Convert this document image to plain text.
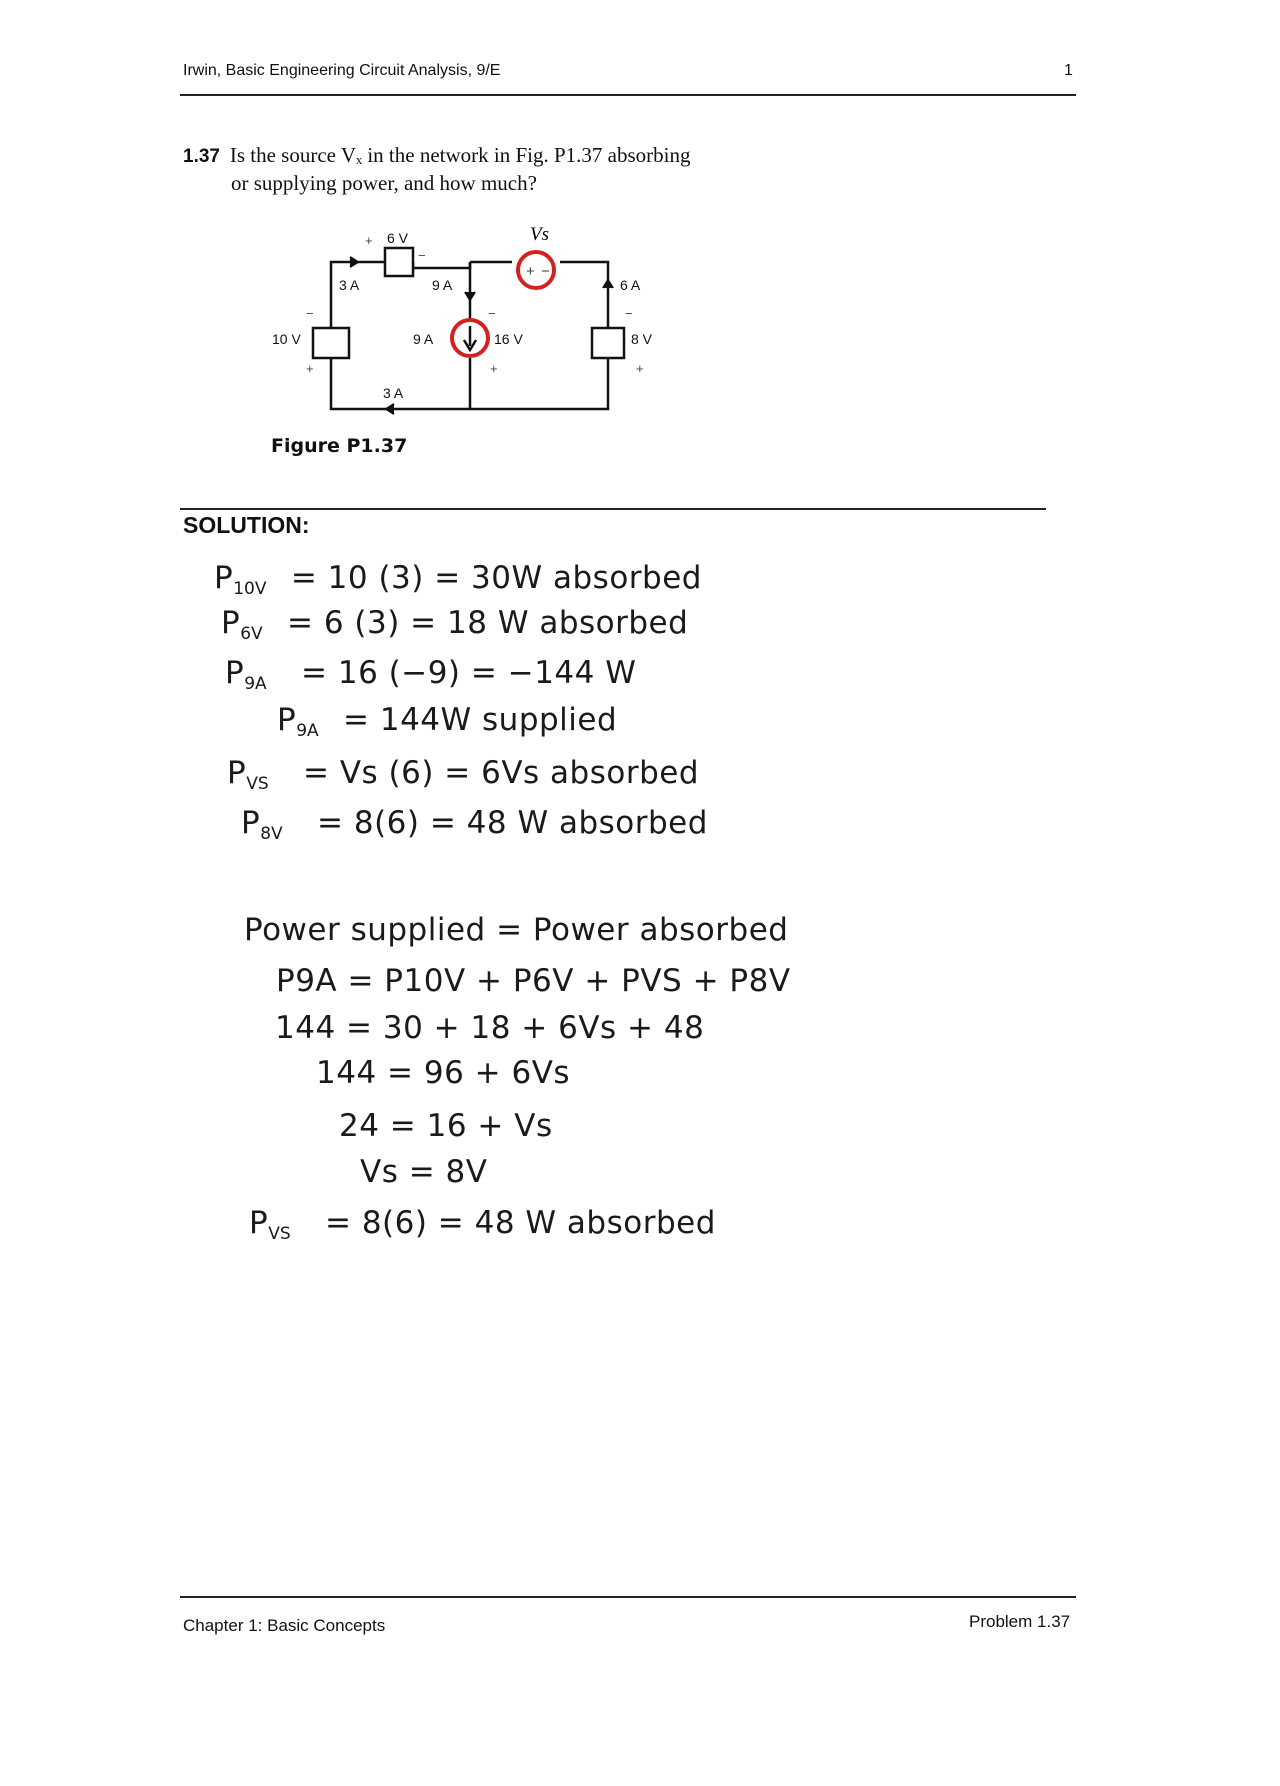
Irwin, Basic Engineering Circuit Analysis, 9/E	1
1.37 Is the source Vₓ in the network in Fig. P1.37 absorbing
or supplying power, and how much?
−
+
6 V	Vs
3 A	9 A	6 A
10 V	9 A	16 V	8 V
3 A
+
−
−
+
−
+
−
+
Figure P1.37
SOLUTION:
$P_{10V} = 10$ (3) = 30W absorbed
$P_{6V} = 6$ (3) = 18 W absorbed
$P_{9A} = 16$ (−9) = −144 W
$P_{9A} = 144W$ supplied
$P_{VS} = Vs$ (6) = 6Vs absorbed
$P_{8V} = 8(6) = 48$ W absorbed
Power supplied = Power absorbed
P9A = P10V + P6V + PVS + P8V
144 = 30 + 18 + 6Vs + 48
144 = 96 + 6Vs
24 = 16 + Vs
Vs = 8V
$P_{VS} = 8(6) = 48$ W absorbed
Chapter 1: Basic Concepts	Problem 1.37
